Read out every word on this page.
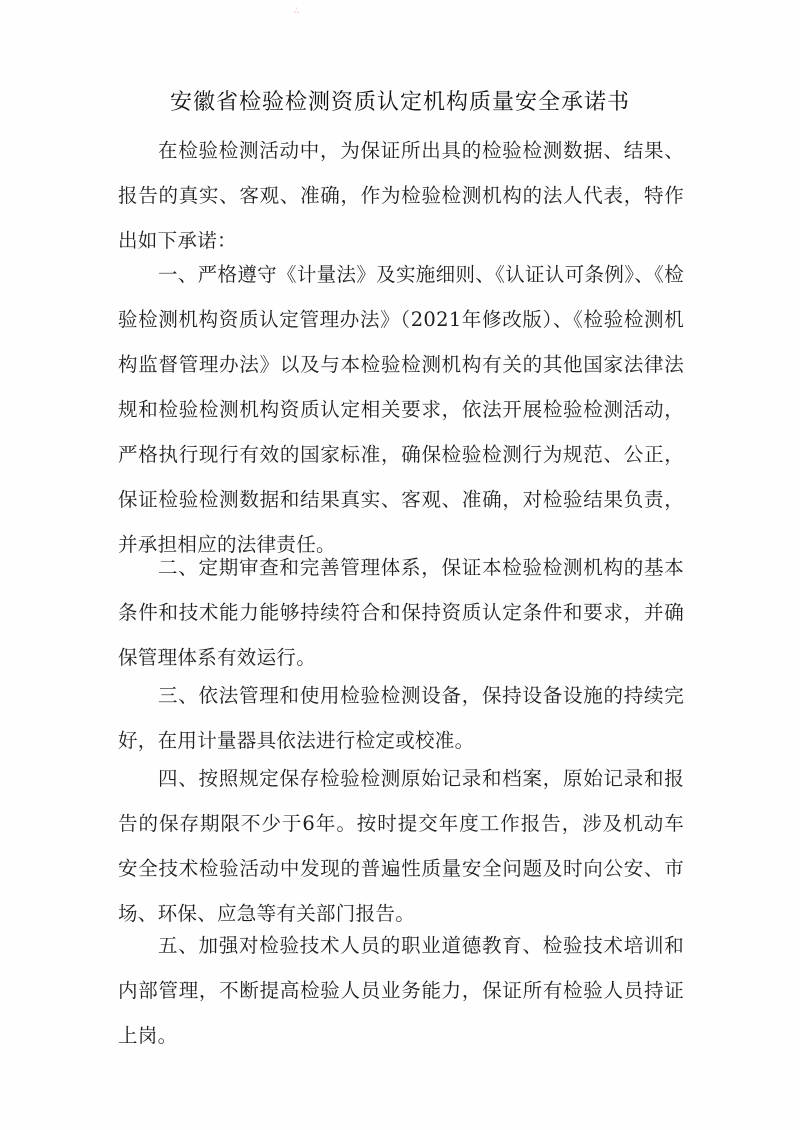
ㄙ
安徽省检验检测资质认定机构质量安全承诺书

在检验检测活动中，为保证所出具的检验检测数据、结果、报告的真实、客观、准确，作为检验检测机构的法人代表，特作出如下承诺：

一、严格遵守《计量法》及实施细则、《认证认可条例》、《检验检测机构资质认定管理办法》（2021年修改版）、《检验检测机构监督管理办法》以及与本检验检测机构有关的其他国家法律法规和检验检测机构资质认定相关要求，依法开展检验检测活动，严格执行现行有效的国家标准，确保检验检测行为规范、公正，保证检验检测数据和结果真实、客观、准确，对检验结果负责，并承担相应的法律责任。

二、定期审查和完善管理体系，保证本检验检测机构的基本条件和技术能力能够持续符合和保持资质认定条件和要求，并确保管理体系有效运行。

三、依法管理和使用检验检测设备，保持设备设施的持续完好，在用计量器具依法进行检定或校准。

四、按照规定保存检验检测原始记录和档案，原始记录和报告的保存期限不少于6年。按时提交年度工作报告，涉及机动车安全技术检验活动中发现的普遍性质量安全问题及时向公安、市场、环保、应急等有关部门报告。

五、加强对检验技术人员的职业道德教育、检验技术培训和内部管理，不断提高检验人员业务能力，保证所有检验人员持证上岗。
